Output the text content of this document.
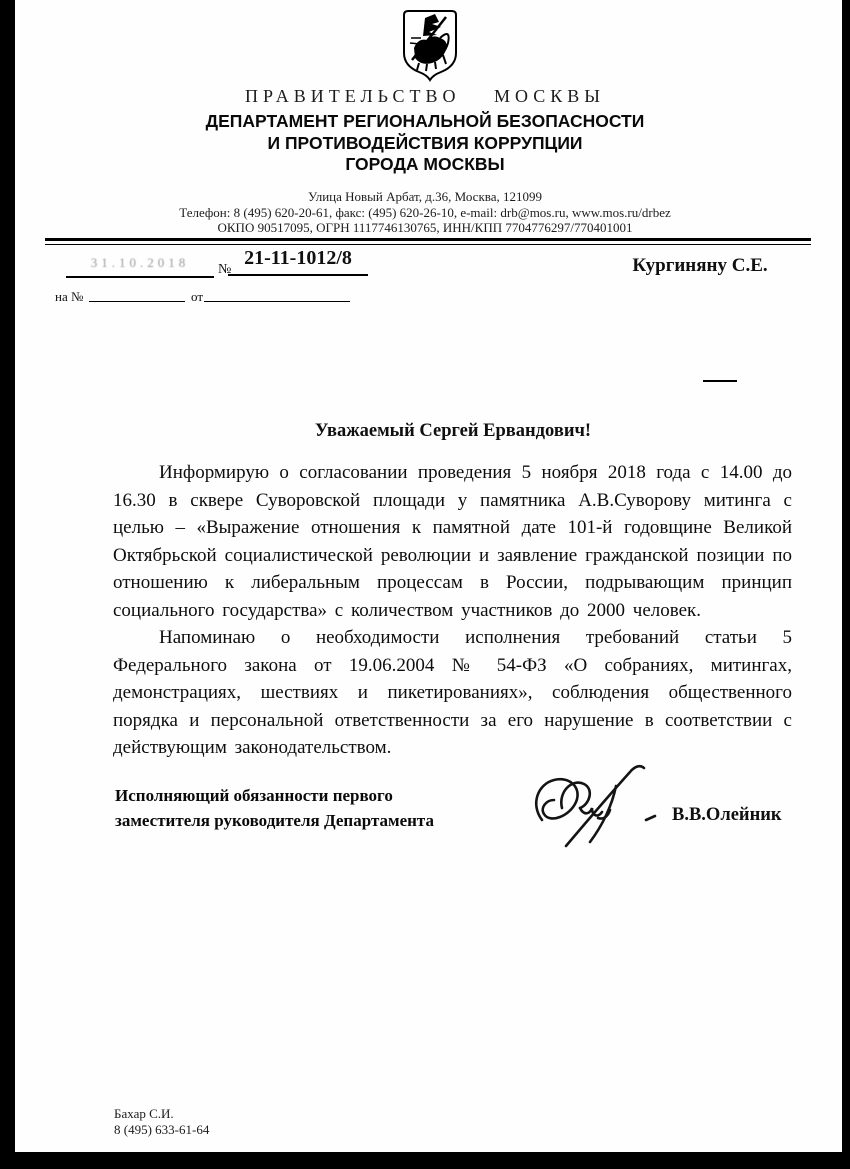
ПРАВИТЕЛЬСТВО МОСКВЫ
ДЕПАРТАМЕНТ РЕГИОНАЛЬНОЙ БЕЗОПАСНОСТИ
И ПРОТИВОДЕЙСТВИЯ КОРРУПЦИИ
ГОРОДА МОСКВЫ
Улица Новый Арбат, д.36, Москва, 121099
Телефон: 8 (495) 620-20-61, факс: (495) 620-26-10, e-mail: drb@mos.ru, www.mos.ru/drbez
ОКПО 90517095, ОГРН 1117746130765, ИНН/КПП 7704776297/770401001
31.10.2018	№
21-11-1012/8	Кургиняну С.Е.
на №	от
Уважаемый Сергей Ервандович!

Информирую о согласовании проведения 5 ноября 2018 года с 14.00 до 16.30 в сквере Суворовской площади у памятника А.В.Суворову митинга с целью – «Выражение отношения к памятной дате 101-й годовщине Великой Октябрьской социалистической революции и заявление гражданской позиции по отношению к либеральным процессам в России, подрывающим принцип социального государства» с количеством участников до 2000 человек.

Напоминаю о необходимости исполнения требований статьи 5 Федерального закона от 19.06.2004 № 54-ФЗ «О собраниях, митингах, демонстрациях, шествиях и пикетированиях», соблюдения общественного порядка и персональной ответственности за его нарушение в соответствии с действующим законодательством.

Исполняющий обязанности первого
заместителя руководителя Департамента	В.В.Олейник
Бахар С.И.
8 (495) 633-61-64
